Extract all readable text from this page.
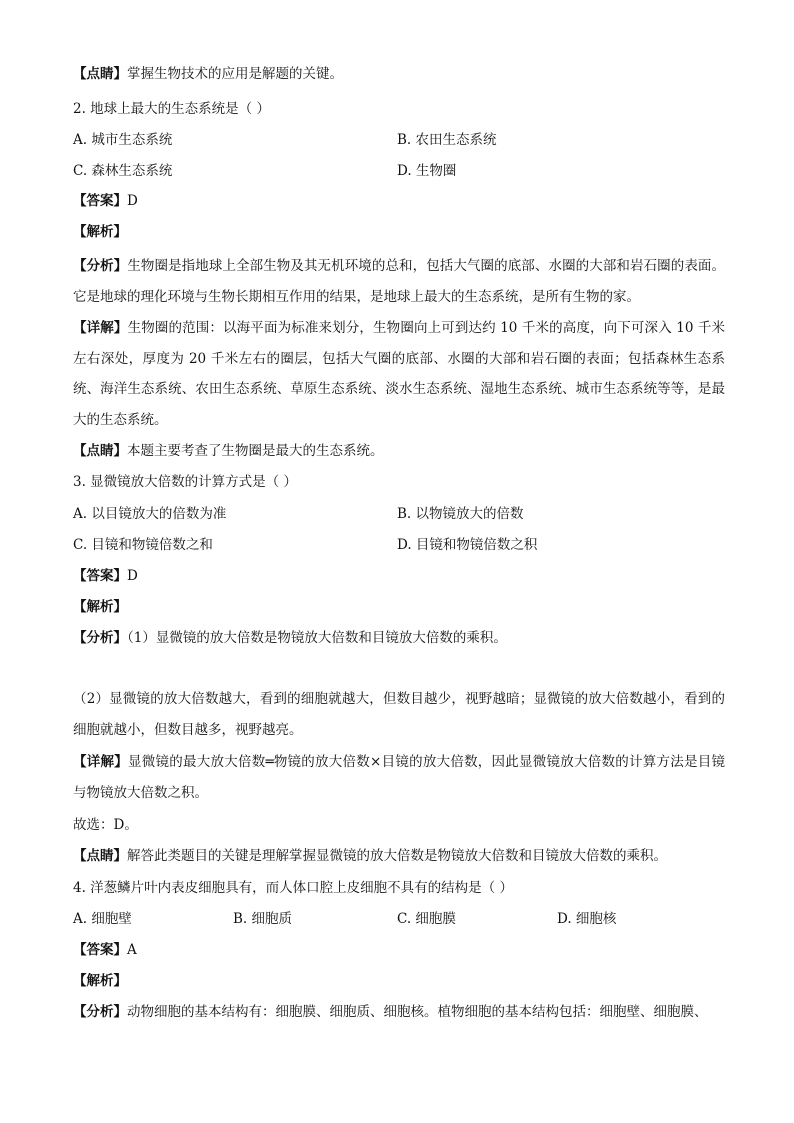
【点睛】掌握生物技术的应用是解题的关键。
2. 地球上最大的生态系统是（ ）
A. 城市生态系统	B. 农田生态系统
C. 森林生态系统	D. 生物圈
【答案】D
【解析】
【分析】生物圈是指地球上全部生物及其无机环境的总和，包括大气圈的底部、水圈的大部和岩石圈的表面。它是地球的理化环境与生物长期相互作用的结果，是地球上最大的生态系统，是所有生物的家。
【详解】生物圈的范围：以海平面为标准来划分，生物圈向上可到达约 10 千米的高度，向下可深入 10 千米左右深处，厚度为 20 千米左右的圈层，包括大气圈的底部、水圈的大部和岩石圈的表面；包括森林生态系统、海洋生态系统、农田生态系统、草原生态系统、淡水生态系统、湿地生态系统、城市生态系统等等，是最大的生态系统。
【点睛】本题主要考查了生物圈是最大的生态系统。
3. 显微镜放大倍数的计算方式是（ ）
A. 以目镜放大的倍数为准	B. 以物镜放大的倍数
C. 目镜和物镜倍数之和	D. 目镜和物镜倍数之积
【答案】D
【解析】
【分析】（1）显微镜的放大倍数是物镜放大倍数和目镜放大倍数的乘积。
（2）显微镜的放大倍数越大，看到的细胞就越大，但数目越少，视野越暗；显微镜的放大倍数越小，看到的细胞就越小，但数目越多，视野越亮。
【详解】显微镜的最大放大倍数═物镜的放大倍数×目镜的放大倍数，因此显微镜放大倍数的计算方法是目镜与物镜放大倍数之积。
故选：D。
【点睛】解答此类题目的关键是理解掌握显微镜的放大倍数是物镜放大倍数和目镜放大倍数的乘积。
4. 洋葱鳞片叶内表皮细胞具有，而人体口腔上皮细胞不具有的结构是（ ）
A. 细胞壁	B. 细胞质	C. 细胞膜	D. 细胞核
【答案】A
【解析】
【分析】动物细胞的基本结构有：细胞膜、细胞质、细胞核。植物细胞的基本结构包括：细胞壁、细胞膜、
